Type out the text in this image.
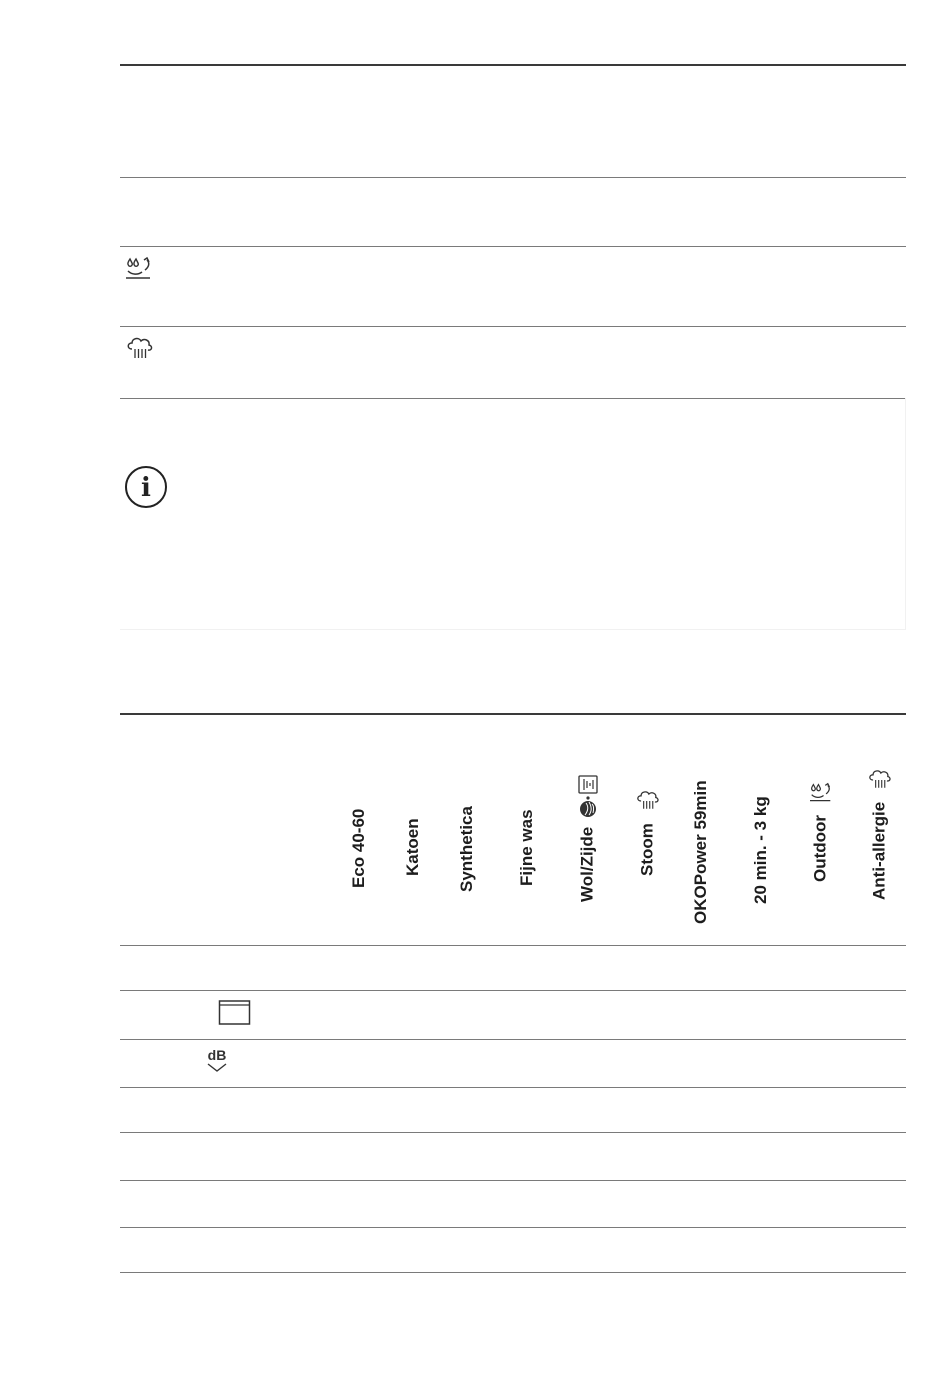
i
Eco 40-60 Katoen Synthetica Fijne was Wol/Zijde Stoom OKOPower 59min 20 min. - 3 kg Outdoor Anti-allergie
dB
